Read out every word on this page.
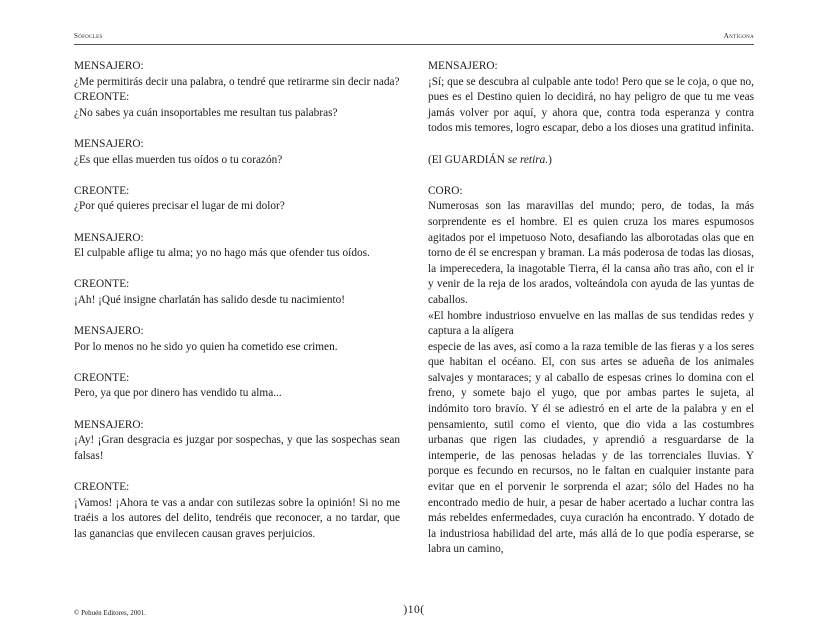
Sófocles	Antígona
MENSAJERO:
¿Me permitirás decir una palabra, o tendré que retirarme sin decir nada?
CREONTE:
¿No sabes ya cuán insoportables me resultan tus palabras?
MENSAJERO:
¿Es que ellas muerden tus oídos o tu corazón?
CREONTE:
¿Por qué quieres precisar el lugar de mi dolor?
MENSAJERO:
El culpable aflige tu alma; yo no hago más que ofender tus oídos.
CREONTE:
¡Ah! ¡Qué insigne charlatán has salido desde tu nacimiento!
MENSAJERO:
Por lo menos no he sido yo quien ha cometido ese crimen.
CREONTE:
Pero, ya que por dinero has vendido tu alma...
MENSAJERO:
¡Ay! ¡Gran desgracia es juzgar por sospechas, y que las sospechas sean falsas!
CREONTE:
¡Vamos! ¡Ahora te vas a andar con sutilezas sobre la opinión! Si no me traéis a los autores del delito, tendréis que reconocer, a no tardar, que las ganancias que envilecen causan graves perjuicios.
MENSAJERO:
¡Sí; que se descubra al culpable ante todo! Pero que se le coja, o que no, pues es el Destino quien lo decidirá, no hay peligro de que tu me veas jamás volver por aquí, y ahora que, contra toda esperanza y contra todos mis temores, logro escapar, debo a los dioses una gratitud infinita.
(El GUARDIÁN se retira.)
CORO:
Numerosas son las maravillas del mundo; pero, de todas, la más sorprendente es el hombre. El es quien cruza los mares espumosos agitados por el impetuoso Noto, desafiando las alborotadas olas que en torno de él se encrespan y braman. La más poderosa de todas las diosas, la imperecedera, la inagotable Tierra, él la cansa año tras año, con el ir y venir de la reja de los arados, volteándola con ayuda de las yuntas de caballos.
«El hombre industrioso envuelve en las mallas de sus tendidas redes y captura a la alígera
especie de las aves, así como a la raza temible de las fieras y a los seres que habitan el océano. El, con sus artes se adueña de los animales salvajes y montaraces; y al caballo de espesas crines lo domina con el freno, y somete bajo el yugo, que por ambas partes le sujeta, al indómito toro bravío. Y él se adiestró en el arte de la palabra y en el pensamiento, sutil como el viento, que dio vida a las costumbres urbanas que rigen las ciudades, y aprendió a resguardarse de la intemperie, de las penosas heladas y de las torrenciales lluvias. Y porque es fecundo en recursos, no le faltan en cualquier instante para evitar que en el porvenir le sorprenda el azar; sólo del Hades no ha encontrado medio de huir, a pesar de haber acertado a luchar contra las más rebeldes enfermedades, cuya curación ha encontrado. Y dotado de la industriosa habilidad del arte, más allá de lo que podía esperarse, se labra un camino,
© Pehuén Editores, 2001.	)10(
